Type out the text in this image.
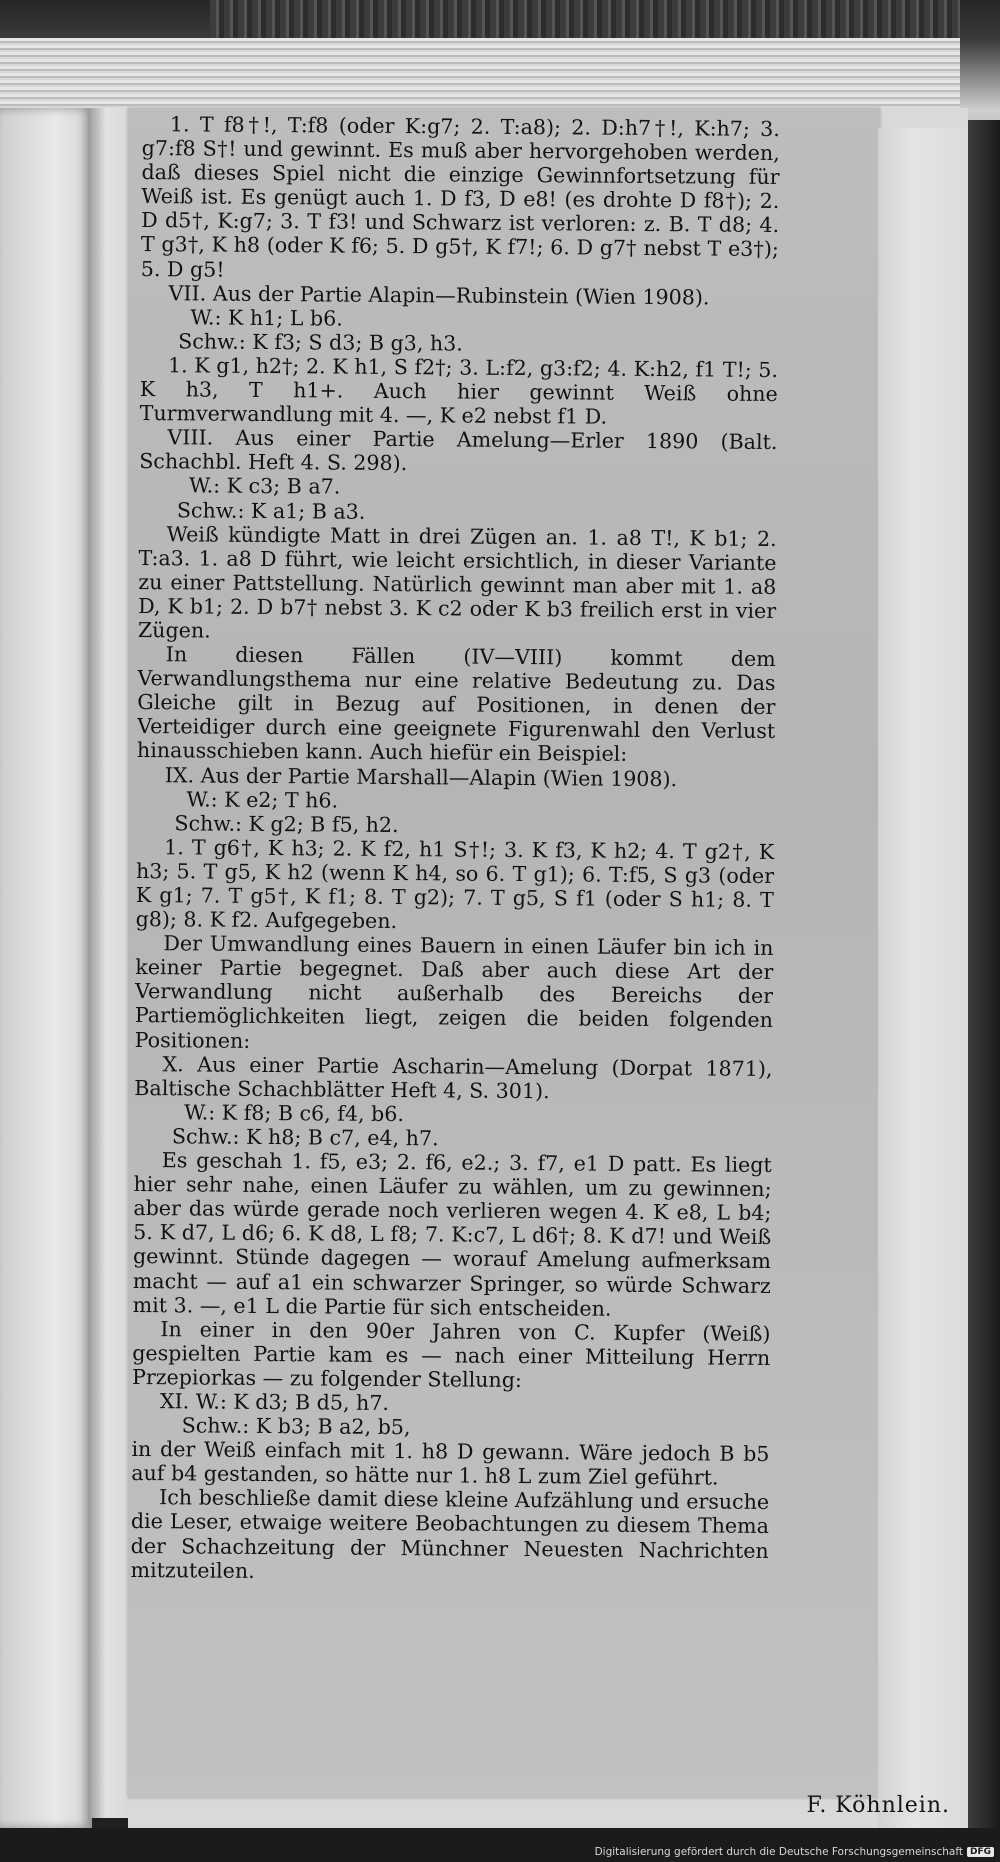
1. T f8†!, T:f8 (oder K:g7; 2. T:a8); 2. D:h7†!, K:h7; 3. g7:f8 S†! und gewinnt. Es muß aber hervorgehoben werden, daß dieses Spiel nicht die einzige Gewinnfortsetzung für Weiß ist. Es genügt auch 1. D f3, D e8! (es drohte D f8†); 2. D d5†, K:g7; 3. T f3! und Schwarz ist verloren: z. B. T d8; 4. T g3†, K h8 (oder K f6; 5. D g5†, K f7!; 6. D g7† nebst T e3†); 5. D g5!

VII. Aus der Partie Alapin—Rubinstein (Wien 1908).

W.: K h1; L b6.

Schw.: K f3; S d3; B g3, h3.

1. K g1, h2†; 2. K h1, S f2†; 3. L:f2, g3:f2; 4. K:h2, f1 T!; 5. K h3, T h1+. Auch hier gewinnt Weiß ohne Turmverwandlung mit 4. —, K e2 nebst f1 D.

VIII. Aus einer Partie Amelung—Erler 1890 (Balt. Schachbl. Heft 4. S. 298).

W.: K c3; B a7.

Schw.: K a1; B a3.

Weiß kündigte Matt in drei Zügen an. 1. a8 T!, K b1; 2. T:a3. 1. a8 D führt, wie leicht ersichtlich, in dieser Variante zu einer Pattstellung. Natürlich gewinnt man aber mit 1. a8 D, K b1; 2. D b7† nebst 3. K c2 oder K b3 freilich erst in vier Zügen.

In diesen Fällen (IV—VIII) kommt dem Verwandlungsthema nur eine relative Bedeutung zu. Das Gleiche gilt in Bezug auf Positionen, in denen der Verteidiger durch eine geeignete Figurenwahl den Verlust hinausschieben kann. Auch hiefür ein Beispiel:

IX. Aus der Partie Marshall—Alapin (Wien 1908).

W.: K e2; T h6.

Schw.: K g2; B f5, h2.

1. T g6†, K h3; 2. K f2, h1 S†!; 3. K f3, K h2; 4. T g2†, K h3; 5. T g5, K h2 (wenn K h4, so 6. T g1); 6. T:f5, S g3 (oder K g1; 7. T g5†, K f1; 8. T g2); 7. T g5, S f1 (oder S h1; 8. T g8); 8. K f2. Aufgegeben.

Der Umwandlung eines Bauern in einen Läufer bin ich in keiner Partie begegnet. Daß aber auch diese Art der Verwandlung nicht außerhalb des Bereichs der Partiemöglichkeiten liegt, zeigen die beiden folgenden Positionen:

X. Aus einer Partie Ascharin—Amelung (Dorpat 1871), Baltische Schachblätter Heft 4, S. 301).

W.: K f8; B c6, f4, b6.

Schw.: K h8; B c7, e4, h7.

Es geschah 1. f5, e3; 2. f6, e2.; 3. f7, e1 D patt. Es liegt hier sehr nahe, einen Läufer zu wählen, um zu gewinnen; aber das würde gerade noch verlieren wegen 4. K e8, L b4; 5. K d7, L d6; 6. K d8, L f8; 7. K:c7, L d6†; 8. K d7! und Weiß gewinnt. Stünde dagegen — worauf Amelung aufmerksam macht — auf a1 ein schwarzer Springer, so würde Schwarz mit 3. —, e1 L die Partie für sich entscheiden.

In einer in den 90er Jahren von C. Kupfer (Weiß) gespielten Partie kam es — nach einer Mitteilung Herrn Przepiorkas — zu folgender Stellung:

XI. W.: K d3; B d5, h7.

Schw.: K b3; B a2, b5,

in der Weiß einfach mit 1. h8 D gewann. Wäre jedoch B b5 auf b4 gestanden, so hätte nur 1. h8 L zum Ziel geführt.

Ich beschließe damit diese kleine Aufzählung und ersuche die Leser, etwaige weitere Beobachtungen zu diesem Thema der Schachzeitung der Münchner Neuesten Nachrichten mitzuteilen.

F. Köhnlein.
Digitalisierung gefördert durch die Deutsche Forschungsgemeinschaft DFG
